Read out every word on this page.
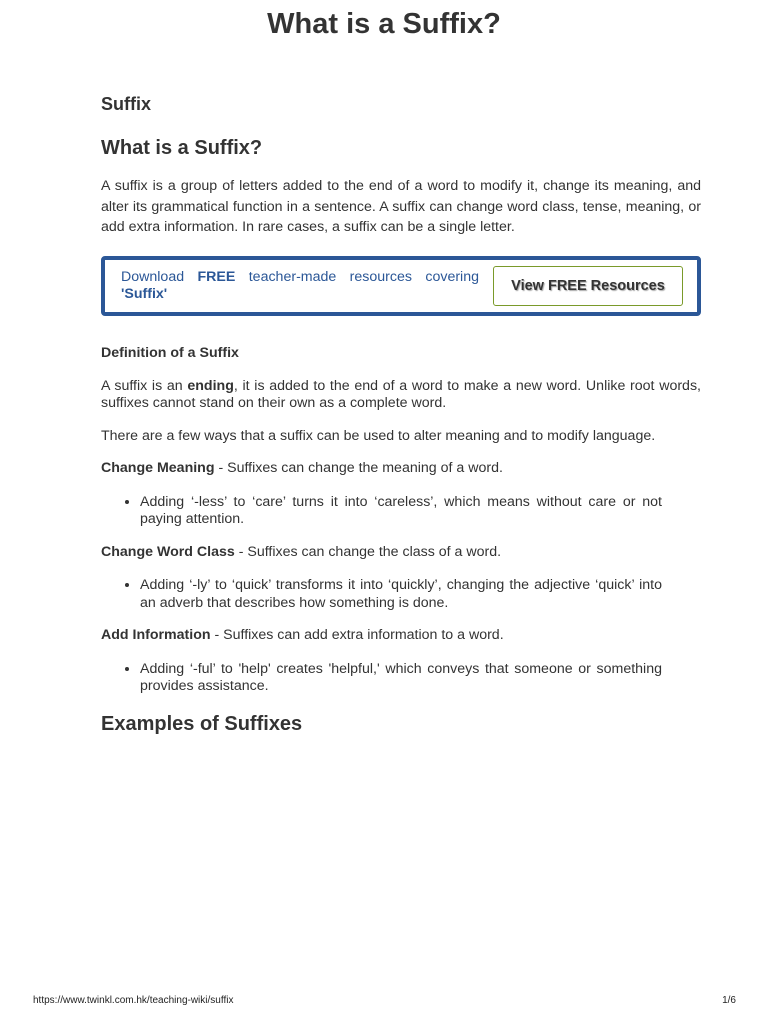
What is a Suffix?
Suffix
What is a Suffix?

A suffix is a group of letters added to the end of a word to modify it, change its meaning, and alter its grammatical function in a sentence. A suffix can change word class, tense, meaning, or add extra information. In rare cases, a suffix can be a single letter.

Download FREE teacher-made resources covering
'Suffix'	View FREE Resources
Definition of a Suffix

A suffix is an ending, it is added to the end of a word to make a new word. Unlike root words, suffixes cannot stand on their own as a complete word.

There are a few ways that a suffix can be used to alter meaning and to modify language.

Change Meaning - Suffixes can change the meaning of a word.

• Adding ‘-less’ to ‘care’ turns it into ‘careless’, which means without care or not paying attention.

Change Word Class - Suffixes can change the class of a word.

• Adding ‘-ly’ to ‘quick’ transforms it into ‘quickly’, changing the adjective ‘quick’ into an adverb that describes how something is done.

Add Information - Suffixes can add extra information to a word.

• Adding ‘-ful’ to 'help' creates 'helpful,' which conveys that someone or something provides assistance.
Examples of Suffixes
https://www.twinkl.com.hk/teaching-wiki/suffix	1/6
